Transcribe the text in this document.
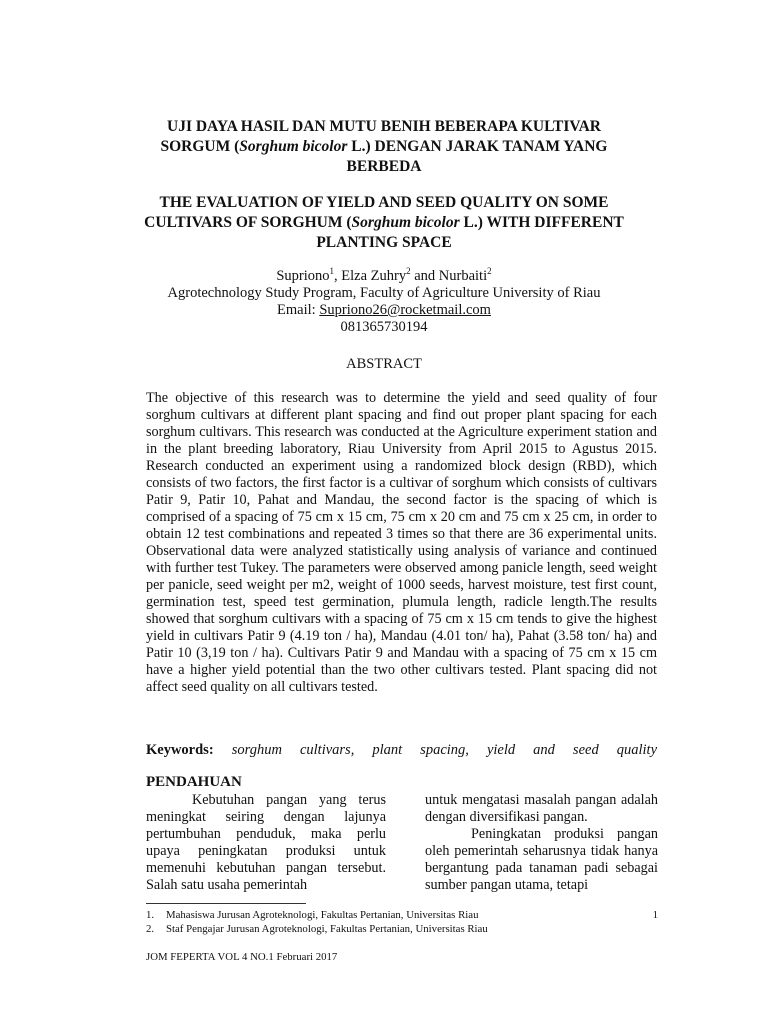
UJI DAYA HASIL DAN MUTU BENIH BEBERAPA KULTIVAR
SORGUM (Sorghum bicolor L.) DENGAN JARAK TANAM YANG
BERBEDA
THE EVALUATION OF YIELD AND SEED QUALITY ON SOME
CULTIVARS OF SORGHUM (Sorghum bicolor L.) WITH DIFFERENT
PLANTING SPACE
Supriono$^1$, Elza Zuhry$^2$ and Nurbaiti$^2$
Agrotechnology Study Program, Faculty of Agriculture University of Riau
Email: Supriono26@rocketmail.com
081365730194
ABSTRACT
The objective of this research was to determine the yield and seed quality of four sorghum cultivars at different plant spacing and find out proper plant spacing for each sorghum cultivars. This research was conducted at the Agriculture experiment station and in the plant breeding laboratory, Riau University from April 2015 to Agustus 2015. Research conducted an experiment using a randomized block design (RBD), which consists of two factors, the first factor is a cultivar of sorghum which consists of cultivars Patir 9, Patir 10, Pahat and Mandau, the second factor is the spacing of which is comprised of a spacing of 75 cm x 15 cm, 75 cm x 20 cm and 75 cm x 25 cm, in order to obtain 12 test combinations and repeated 3 times so that there are 36 experimental units. Observational data were analyzed statistically using analysis of variance and continued with further test Tukey. The parameters were observed among panicle length, seed weight per panicle, seed weight per m2, weight of 1000 seeds, harvest moisture, test first count, germination test, speed test germination, plumula length, radicle length.The results showed that sorghum cultivars with a spacing of 75 cm x 15 cm tends to give the highest yield in cultivars Patir 9 (4.19 ton / ha), Mandau (4.01 ton/ ha), Pahat (3.58 ton/ ha) and Patir 10 (3,19 ton / ha). Cultivars Patir 9 and Mandau with a spacing of 75 cm x 15 cm have a higher yield potential than the two other cultivars tested. Plant spacing did not affect seed quality on all cultivars tested.
Keywords: sorghum cultivars, plant spacing, yield and seed quality
PENDAHUAN

Kebutuhan pangan yang terus meningkat seiring dengan lajunya pertumbuhan penduduk, maka perlu upaya peningkatan produksi untuk memenuhi kebutuhan pangan tersebut. Salah satu usaha pemerintah

untuk mengatasi masalah pangan adalah dengan diversifikasi pangan.

Peningkatan produksi pangan oleh pemerintah seharusnya tidak hanya bergantung pada tanaman padi sebagai sumber pangan utama, tetapi

1.	Mahasiswa Jurusan Agroteknologi, Fakultas Pertanian, Universitas Riau	1
2.	Staf Pengajar Jurusan Agroteknologi, Fakultas Pertanian, Universitas Riau
JOM FEPERTA VOL 4 NO.1 Februari 2017
